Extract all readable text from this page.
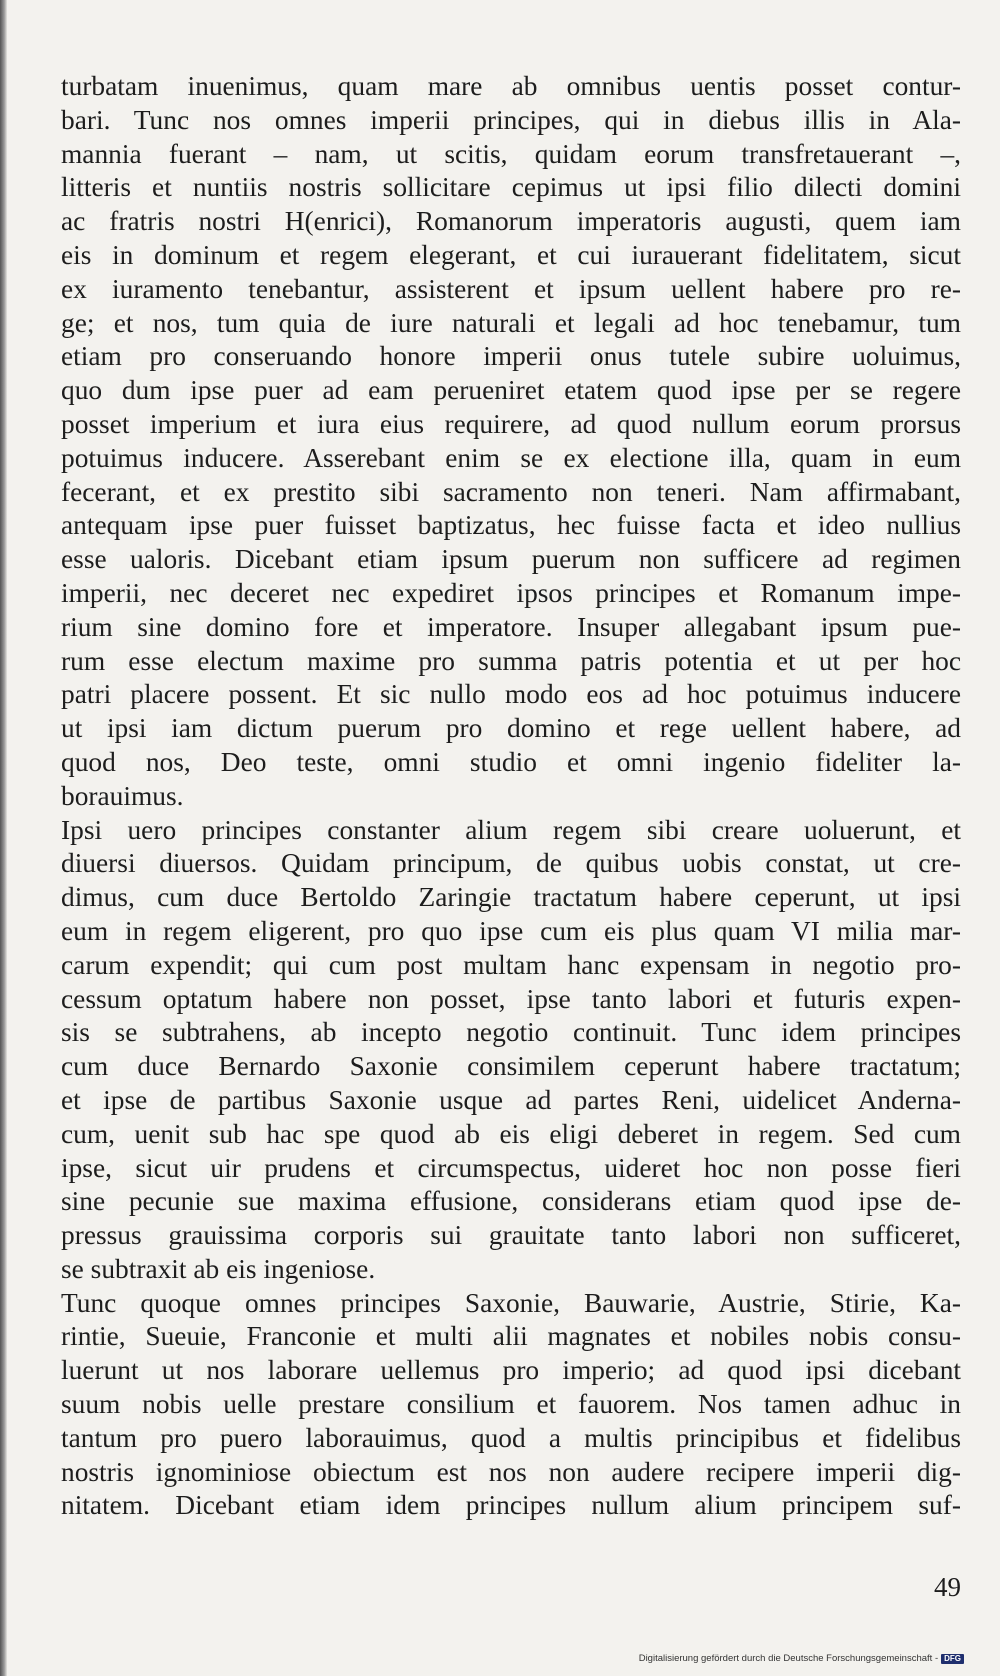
turbatam inuenimus, quam mare ab omnibus uentis posset contur-
bari. Tunc nos omnes imperii principes, qui in diebus illis in Ala-
mannia fuerant – nam, ut scitis, quidam eorum transfretauerant –,
litteris et nuntiis nostris sollicitare cepimus ut ipsi filio dilecti domini
ac fratris nostri H(enrici), Romanorum imperatoris augusti, quem iam
eis in dominum et regem elegerant, et cui iurauerant fidelitatem, sicut
ex iuramento tenebantur, assisterent et ipsum uellent habere pro re-
ge; et nos, tum quia de iure naturali et legali ad hoc tenebamur, tum
etiam pro conseruando honore imperii onus tutele subire uoluimus,
quo dum ipse puer ad eam perueniret etatem quod ipse per se regere
posset imperium et iura eius requirere, ad quod nullum eorum prorsus
potuimus inducere. Asserebant enim se ex electione illa, quam in eum
fecerant, et ex prestito sibi sacramento non teneri. Nam affirmabant,
antequam ipse puer fuisset baptizatus, hec fuisse facta et ideo nullius
esse ualoris. Dicebant etiam ipsum puerum non sufficere ad regimen
imperii, nec deceret nec expediret ipsos principes et Romanum impe-
rium sine domino fore et imperatore. Insuper allegabant ipsum pue-
rum esse electum maxime pro summa patris potentia et ut per hoc
patri placere possent. Et sic nullo modo eos ad hoc potuimus inducere
ut ipsi iam dictum puerum pro domino et rege uellent habere, ad
quod nos, Deo teste, omni studio et omni ingenio fideliter la-
borauimus.
Ipsi uero principes constanter alium regem sibi creare uoluerunt, et
diuersi diuersos. Quidam principum, de quibus uobis constat, ut cre-
dimus, cum duce Bertoldo Zaringie tractatum habere ceperunt, ut ipsi
eum in regem eligerent, pro quo ipse cum eis plus quam VI milia mar-
carum expendit; qui cum post multam hanc expensam in negotio pro-
cessum optatum habere non posset, ipse tanto labori et futuris expen-
sis se subtrahens, ab incepto negotio continuit. Tunc idem principes
cum duce Bernardo Saxonie consimilem ceperunt habere tractatum;
et ipse de partibus Saxonie usque ad partes Reni, uidelicet Anderna-
cum, uenit sub hac spe quod ab eis eligi deberet in regem. Sed cum
ipse, sicut uir prudens et circumspectus, uideret hoc non posse fieri
sine pecunie sue maxima effusione, considerans etiam quod ipse de-
pressus grauissima corporis sui grauitate tanto labori non sufficeret,
se subtraxit ab eis ingeniose.
Tunc quoque omnes principes Saxonie, Bauwarie, Austrie, Stirie, Ka-
rintie, Sueuie, Franconie et multi alii magnates et nobiles nobis consu-
luerunt ut nos laborare uellemus pro imperio; ad quod ipsi dicebant
suum nobis uelle prestare consilium et fauorem. Nos tamen adhuc in
tantum pro puero laborauimus, quod a multis principibus et fidelibus
nostris ignominiose obiectum est nos non audere recipere imperii dig-
nitatem. Dicebant etiam idem principes nullum alium principem suf-
49
Digitalisierung gefördert durch die Deutsche Forschungsgemeinschaft - DFG
